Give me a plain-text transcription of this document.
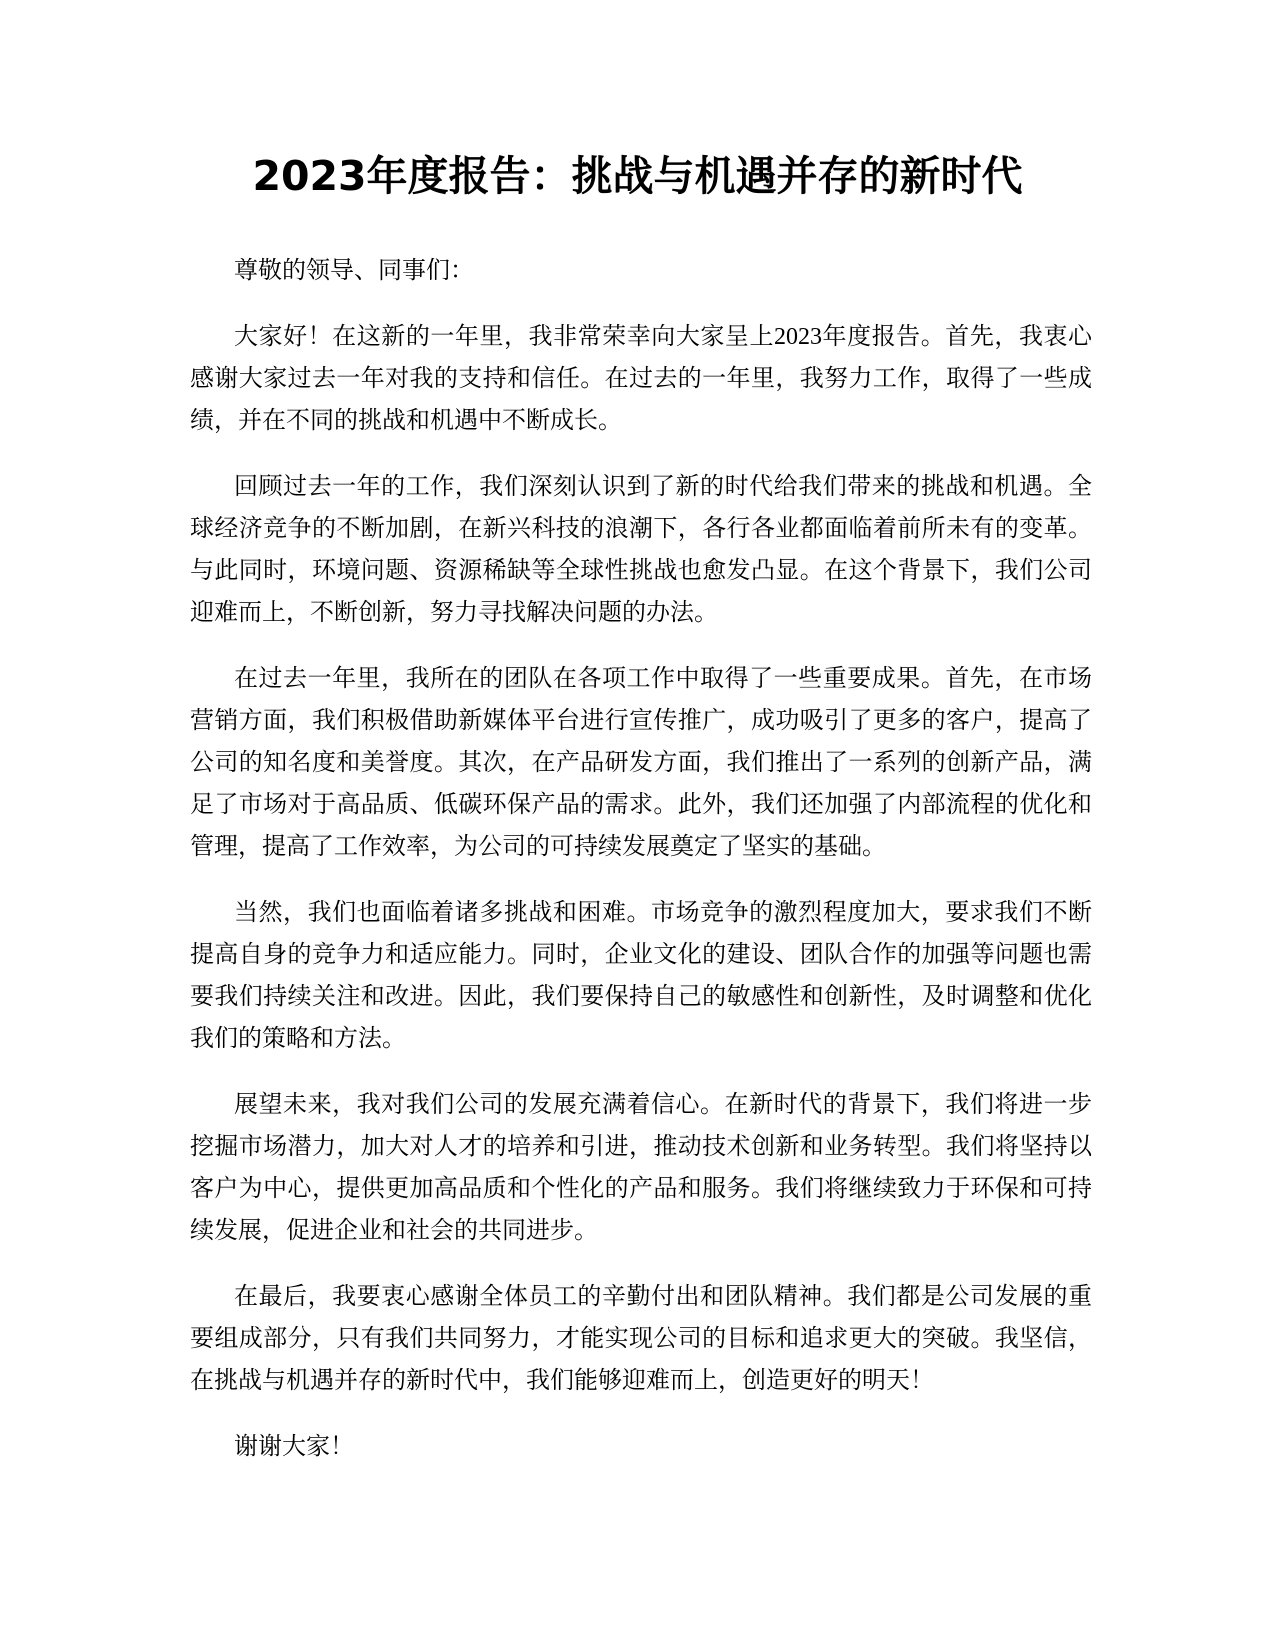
2023年度报告：挑战与机遇并存的新时代

尊敬的领导、同事们：

大家好！在这新的一年里，我非常荣幸向大家呈上2023年度报告。首先，我衷心感谢大家过去一年对我的支持和信任。在过去的一年里，我努力工作，取得了一些成绩，并在不同的挑战和机遇中不断成长。

回顾过去一年的工作，我们深刻认识到了新的时代给我们带来的挑战和机遇。全球经济竞争的不断加剧，在新兴科技的浪潮下，各行各业都面临着前所未有的变革。与此同时，环境问题、资源稀缺等全球性挑战也愈发凸显。在这个背景下，我们公司迎难而上，不断创新，努力寻找解决问题的办法。

在过去一年里，我所在的团队在各项工作中取得了一些重要成果。首先，在市场营销方面，我们积极借助新媒体平台进行宣传推广，成功吸引了更多的客户，提高了公司的知名度和美誉度。其次，在产品研发方面，我们推出了一系列的创新产品，满足了市场对于高品质、低碳环保产品的需求。此外，我们还加强了内部流程的优化和管理，提高了工作效率，为公司的可持续发展奠定了坚实的基础。

当然，我们也面临着诸多挑战和困难。市场竞争的激烈程度加大，要求我们不断提高自身的竞争力和适应能力。同时，企业文化的建设、团队合作的加强等问题也需要我们持续关注和改进。因此，我们要保持自己的敏感性和创新性，及时调整和优化我们的策略和方法。

展望未来，我对我们公司的发展充满着信心。在新时代的背景下，我们将进一步挖掘市场潜力，加大对人才的培养和引进，推动技术创新和业务转型。我们将坚持以客户为中心，提供更加高品质和个性化的产品和服务。我们将继续致力于环保和可持续发展，促进企业和社会的共同进步。

在最后，我要衷心感谢全体员工的辛勤付出和团队精神。我们都是公司发展的重要组成部分，只有我们共同努力，才能实现公司的目标和追求更大的突破。我坚信，在挑战与机遇并存的新时代中，我们能够迎难而上，创造更好的明天！

谢谢大家！
